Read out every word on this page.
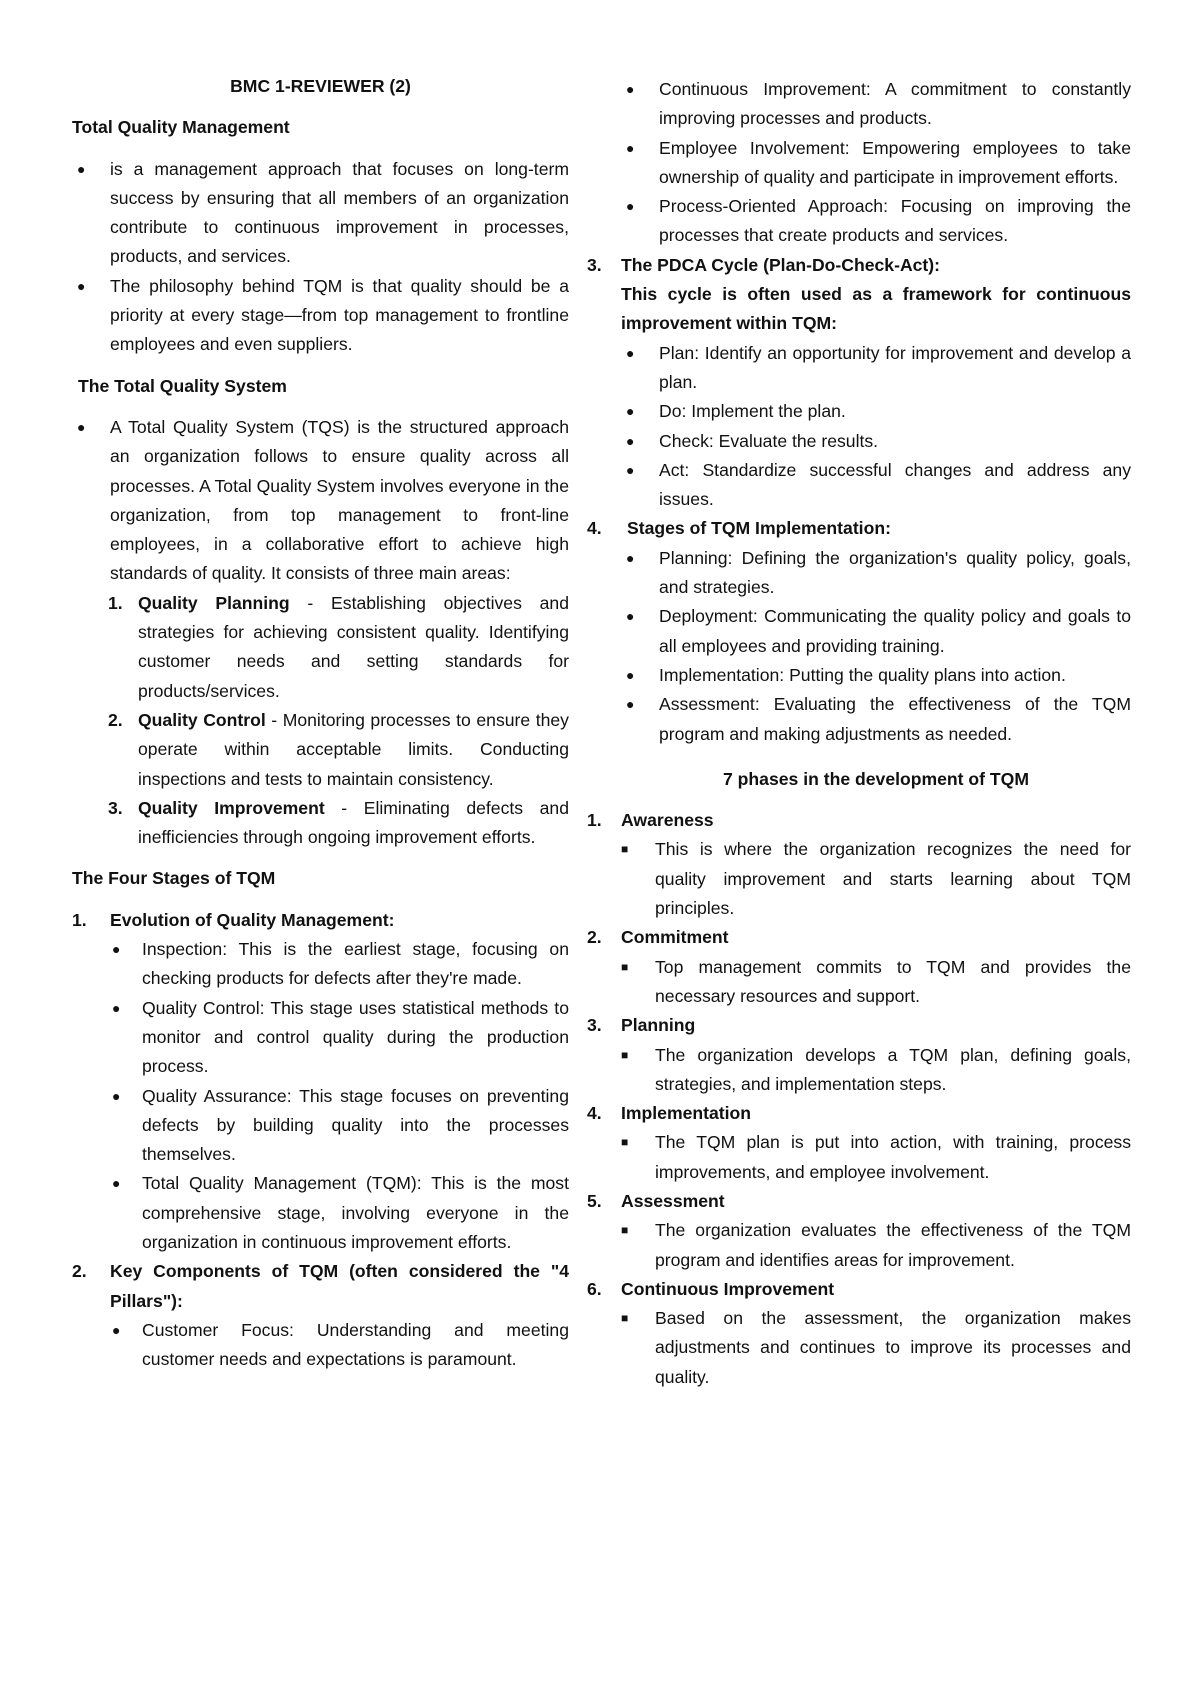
BMC 1-REVIEWER (2)

Total Quality Management

● is a management approach that focuses on long-term success by ensuring that all members of an organization contribute to continuous improvement in processes, products, and services.
● The philosophy behind TQM is that quality should be a priority at every stage—from top management to frontline employees and even suppliers.

The Total Quality System

● A Total Quality System (TQS) is the structured approach an organization follows to ensure quality across all processes. A Total Quality System involves everyone in the organization, from top management to front-line employees, in a collaborative effort to achieve high standards of quality. It consists of three main areas:
1. Quality Planning - Establishing objectives and strategies for achieving consistent quality. Identifying customer needs and setting standards for products/services.
2. Quality Control - Monitoring processes to ensure they operate within acceptable limits. Conducting inspections and tests to maintain consistency.
3. Quality Improvement - Eliminating defects and inefficiencies through ongoing improvement efforts.

The Four Stages of TQM

1. Evolution of Quality Management:
● Inspection: This is the earliest stage, focusing on checking products for defects after they're made.
● Quality Control: This stage uses statistical methods to monitor and control quality during the production process.
● Quality Assurance: This stage focuses on preventing defects by building quality into the processes themselves.
● Total Quality Management (TQM): This is the most comprehensive stage, involving everyone in the organization in continuous improvement efforts.
2. Key Components of TQM (often considered the "4 Pillars"):
● Customer Focus: Understanding and meeting customer needs and expectations is paramount.
● Continuous Improvement: A commitment to constantly improving processes and products.
● Employee Involvement: Empowering employees to take ownership of quality and participate in improvement efforts.
● Process-Oriented Approach: Focusing on improving the processes that create products and services.
3. The PDCA Cycle (Plan-Do-Check-Act):

This cycle is often used as a framework for continuous improvement within TQM:

● Plan: Identify an opportunity for improvement and develop a plan.
● Do: Implement the plan.
● Check: Evaluate the results.
● Act: Standardize successful changes and address any issues.
4. Stages of TQM Implementation:
● Planning: Defining the organization's quality policy, goals, and strategies.
● Deployment: Communicating the quality policy and goals to all employees and providing training.
● Implementation: Putting the quality plans into action.
● Assessment: Evaluating the effectiveness of the TQM program and making adjustments as needed.

7 phases in the development of TQM

1. Awareness
■ This is where the organization recognizes the need for quality improvement and starts learning about TQM principles.
2. Commitment
■ Top management commits to TQM and provides the necessary resources and support.
3. Planning
■ The organization develops a TQM plan, defining goals, strategies, and implementation steps.
4. Implementation
■ The TQM plan is put into action, with training, process improvements, and employee involvement.
5. Assessment
■ The organization evaluates the effectiveness of the TQM program and identifies areas for improvement.
6. Continuous Improvement
■ Based on the assessment, the organization makes adjustments and continues to improve its processes and quality.
